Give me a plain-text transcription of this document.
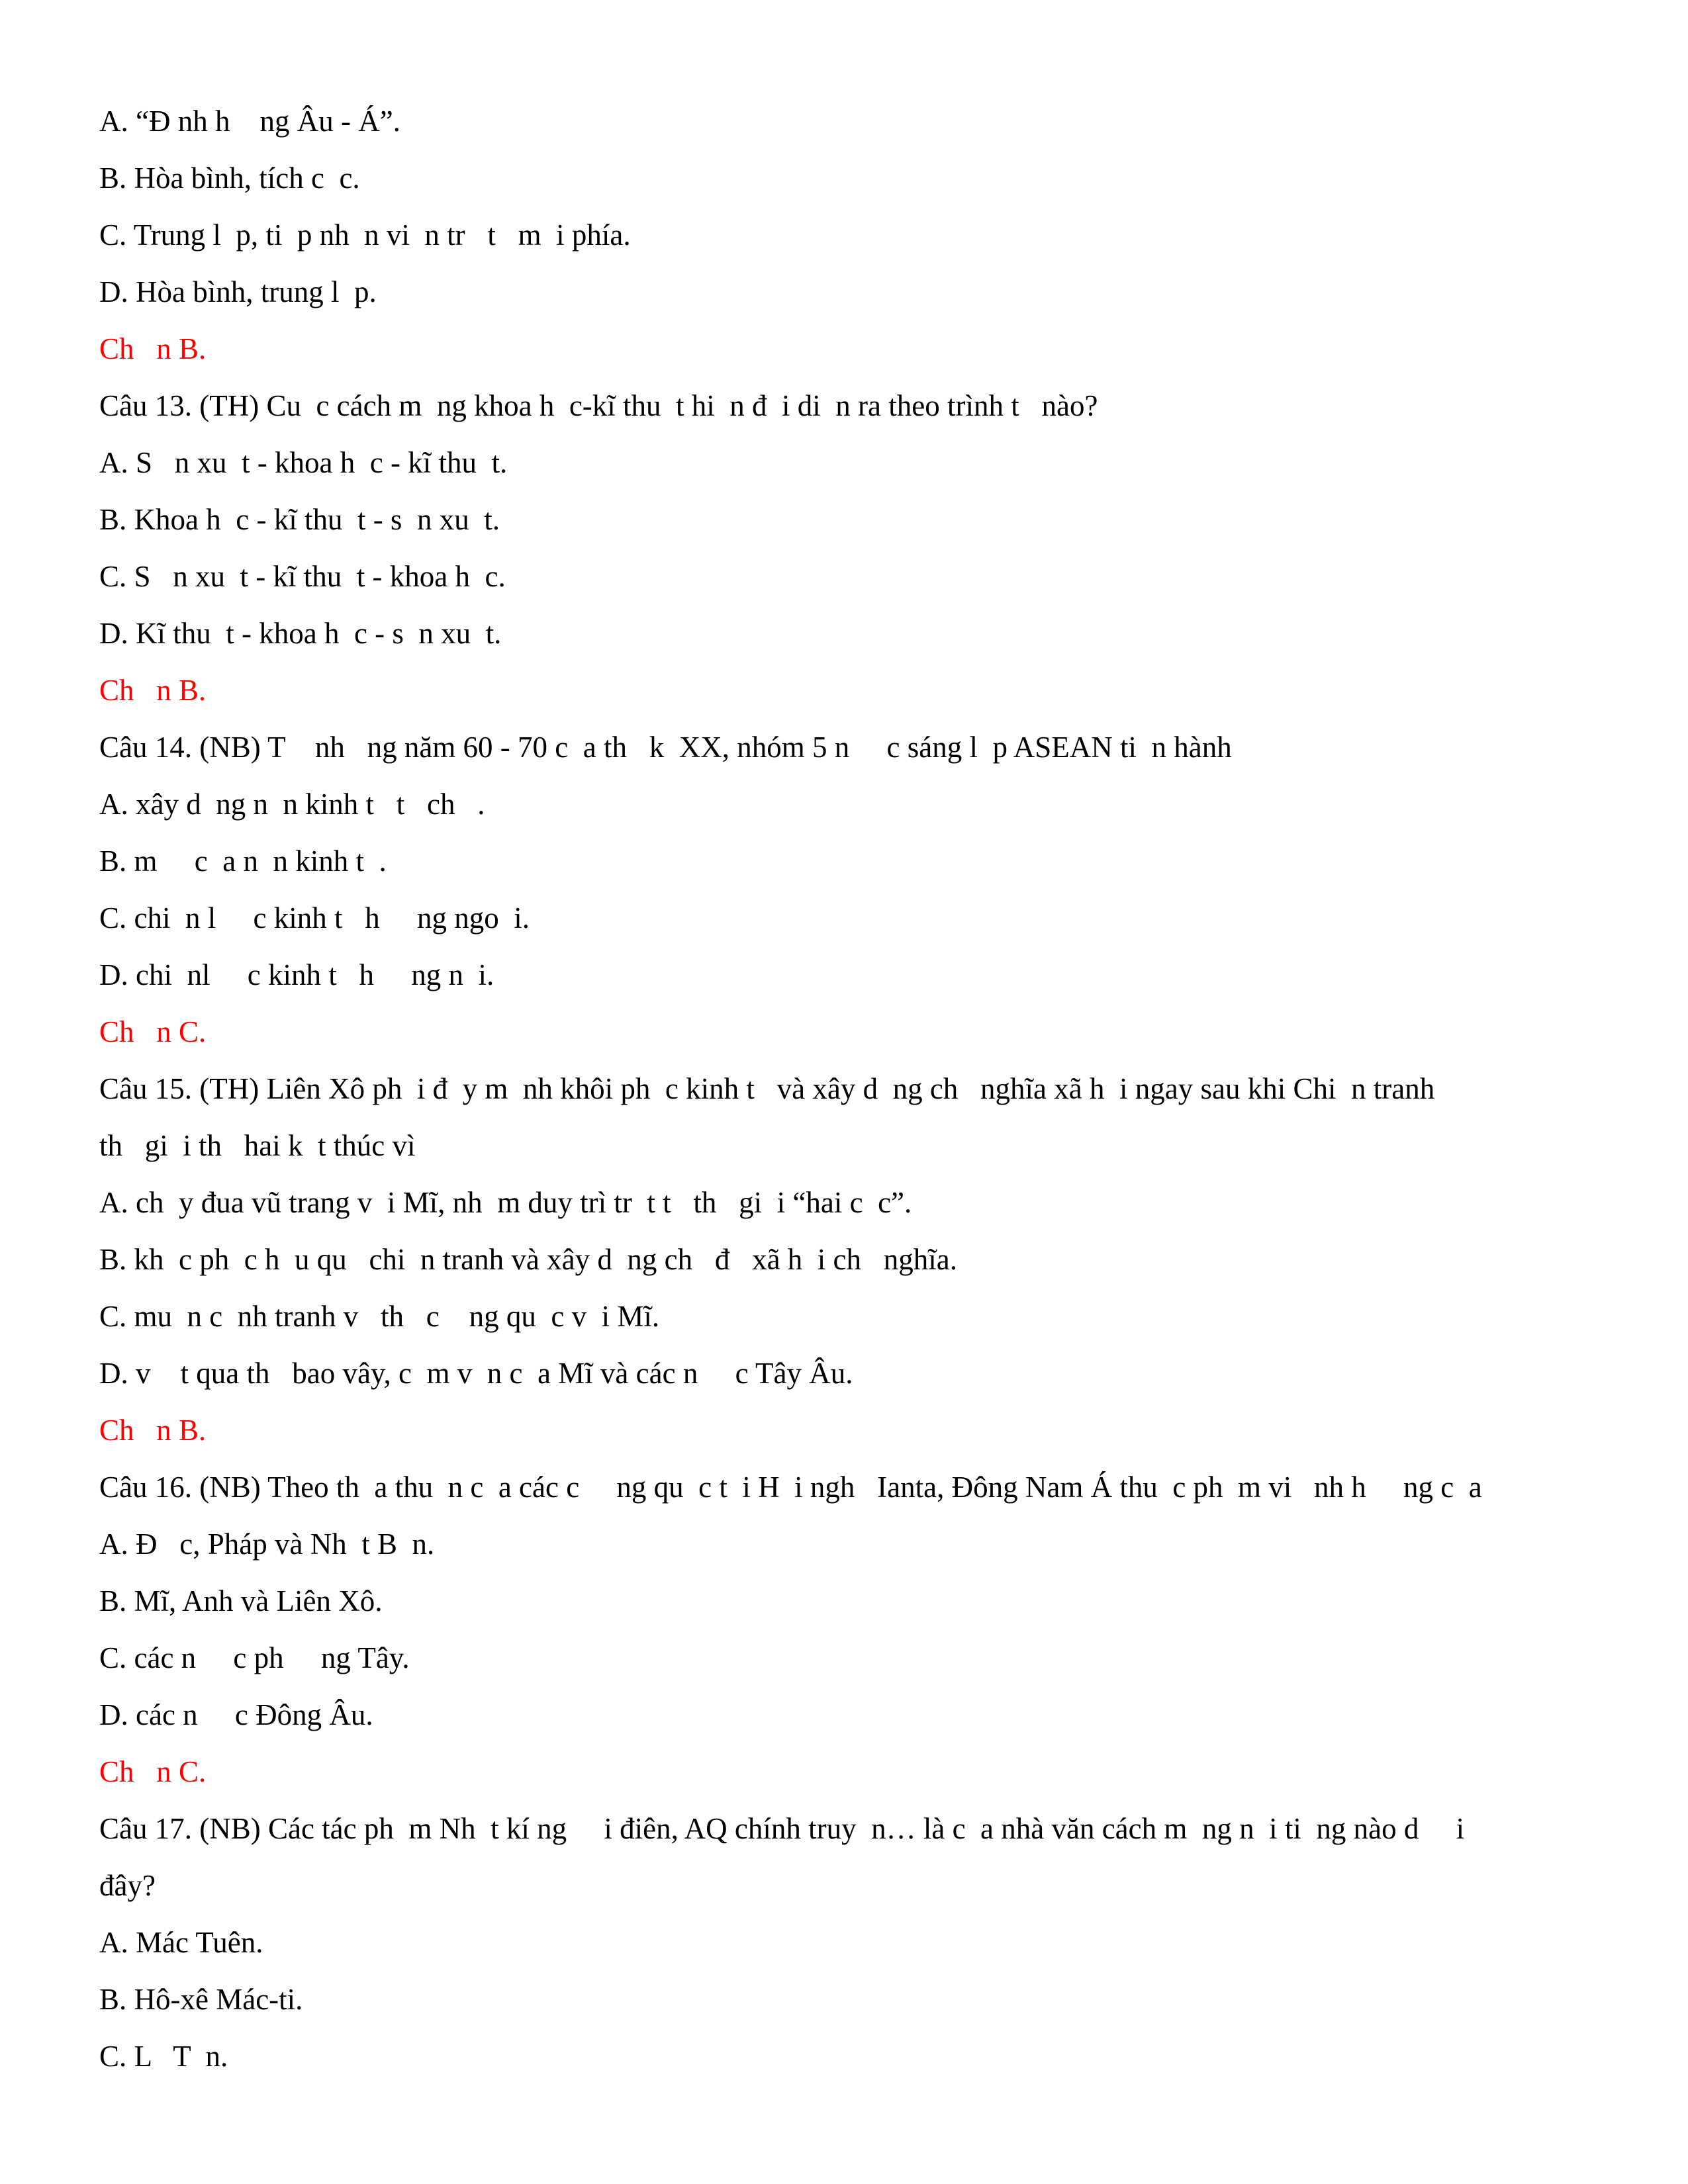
A. “Đ nh h    ng Âu - Á”.
B. Hòa bình, tích c  c.
C. Trung l  p, ti  p nh  n vi  n tr   t   m  i phía.
D. Hòa bình, trung l  p.
Ch   n B.
Câu 13. (TH) Cu  c cách m  ng khoa h  c-kĩ thu  t hi  n đ  i di  n ra theo trình t   nào?
A. S   n xu  t - khoa h  c - kĩ thu  t.
B. Khoa h  c - kĩ thu  t - s  n xu  t.
C. S   n xu  t - kĩ thu  t - khoa h  c.
D. Kĩ thu  t - khoa h  c - s  n xu  t.
Ch   n B.
Câu 14. (NB) T    nh   ng năm 60 - 70 c  a th   k  XX, nhóm 5 n     c sáng l  p ASEAN ti  n hành
A. xây d  ng n  n kinh t   t   ch   .
B. m     c  a n  n kinh t  .
C. chi  n l     c kinh t   h     ng ngo  i.
D. chi  nl     c kinh t   h     ng n  i.
Ch   n C.
Câu 15. (TH) Liên Xô ph  i đ  y m  nh khôi ph  c kinh t   và xây d  ng ch   nghĩa xã h  i ngay sau khi Chi  n tranh
th   gi  i th   hai k  t thúc vì
A. ch  y đua vũ trang v  i Mĩ, nh  m duy trì tr  t t   th   gi  i “hai c  c”.
B. kh  c ph  c h  u qu   chi  n tranh và xây d  ng ch   đ   xã h  i ch   nghĩa.
C. mu  n c  nh tranh v   th   c    ng qu  c v  i Mĩ.
D. v    t qua th   bao vây, c  m v  n c  a Mĩ và các n     c Tây Âu.
Ch   n B.
Câu 16. (NB) Theo th  a thu  n c  a các c     ng qu  c t  i H  i ngh   Ianta, Đông Nam Á thu  c ph  m vi   nh h     ng c  a
A. Đ   c, Pháp và Nh  t B  n.
B. Mĩ, Anh và Liên Xô.
C. các n     c ph     ng Tây.
D. các n     c Đông Âu.
Ch   n C.
Câu 17. (NB) Các tác ph  m Nh  t kí ng     i điên, AQ chính truy  n… là c  a nhà văn cách m  ng n  i ti  ng nào d     i
đây?
A. Mác Tuên.
B. Hô-xê Mác-ti.
C. L   T  n.
